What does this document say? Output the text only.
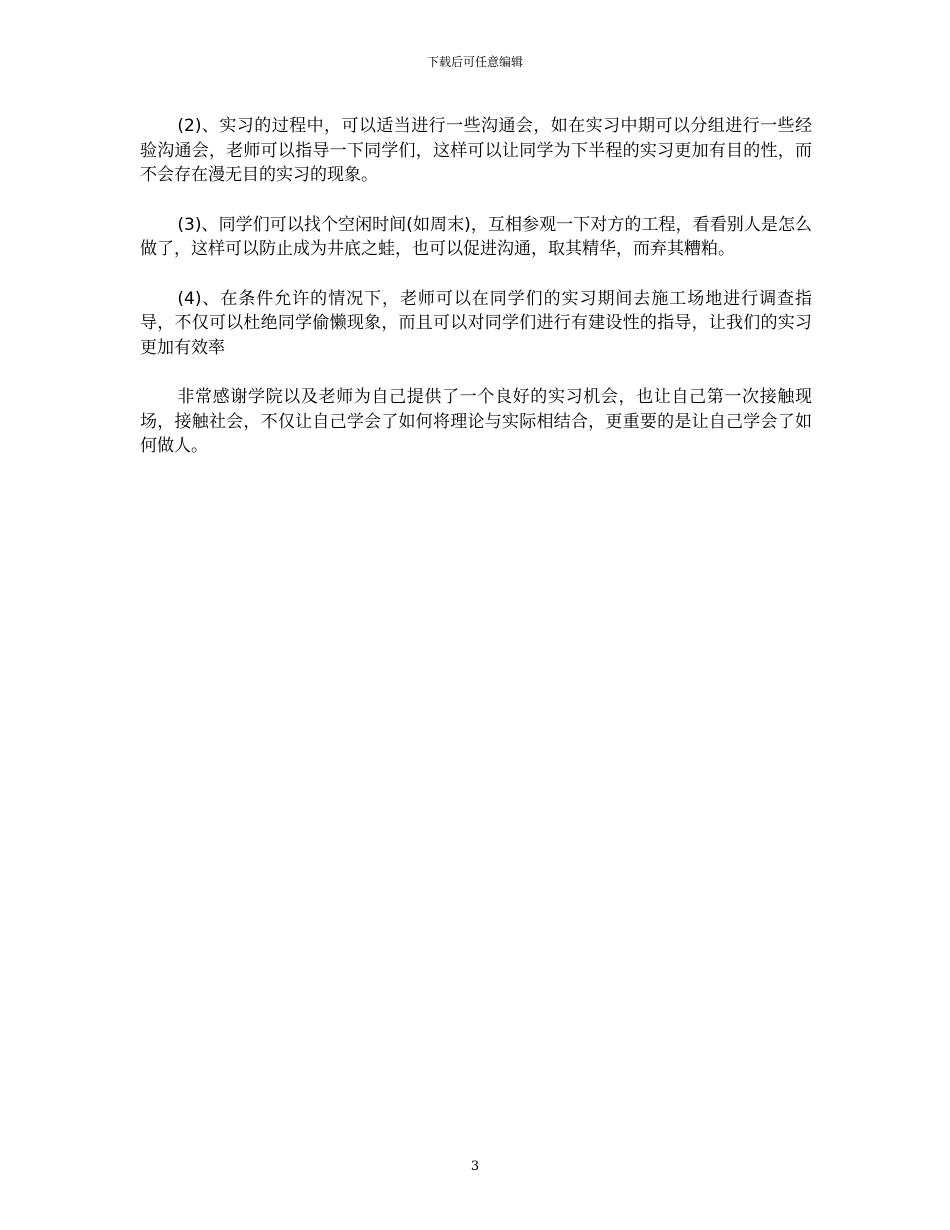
下载后可任意编辑

(2)、实习的过程中，可以适当进行一些沟通会，如在实习中期可以分组进行一些经验沟通会，老师可以指导一下同学们，这样可以让同学为下半程的实习更加有目的性，而不会存在漫无目的实习的现象。

(3)、同学们可以找个空闲时间(如周末)，互相参观一下对方的工程，看看别人是怎么做了，这样可以防止成为井底之蛙，也可以促进沟通，取其精华，而弃其糟粕。

(4)、在条件允许的情况下，老师可以在同学们的实习期间去施工场地进行调查指导，不仅可以杜绝同学偷懒现象，而且可以对同学们进行有建设性的指导，让我们的实习更加有效率

非常感谢学院以及老师为自己提供了一个良好的实习机会，也让自己第一次接触现场，接触社会，不仅让自己学会了如何将理论与实际相结合，更重要的是让自己学会了如何做人。

3
